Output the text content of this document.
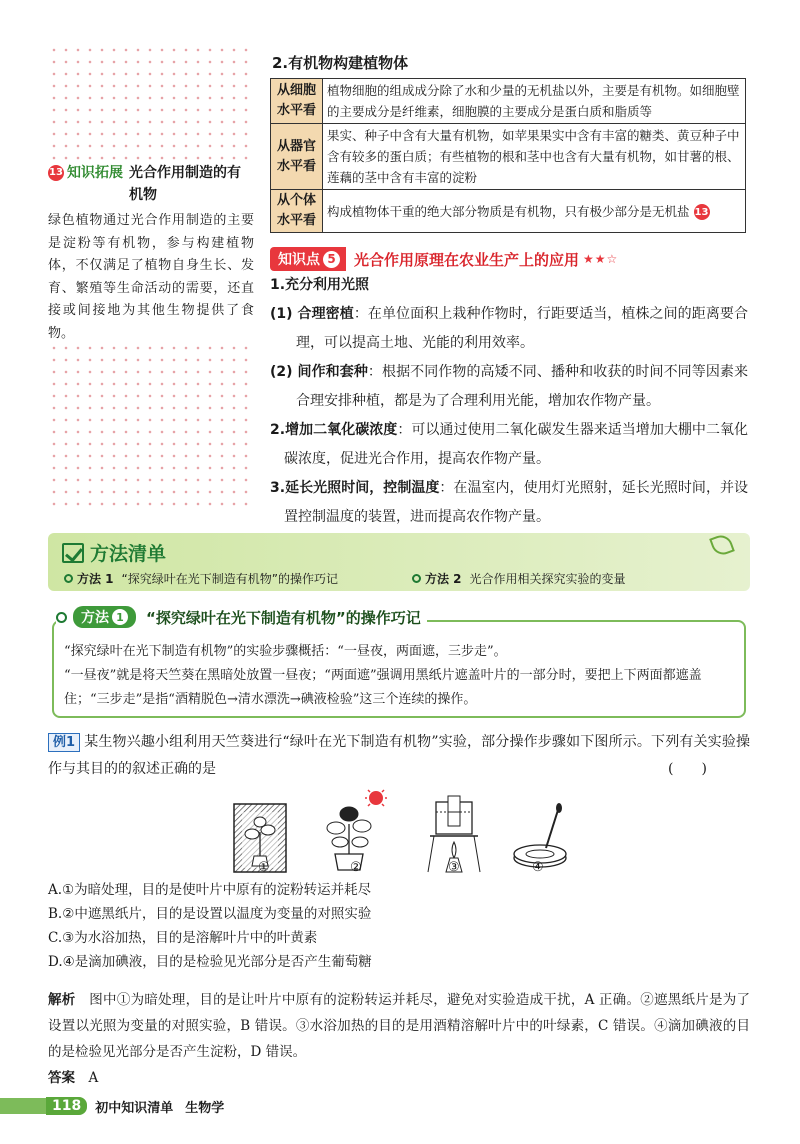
13 知识拓展 光合作用制造的有机物

绿色植物通过光合作用制造的主要是淀粉等有机物，参与构建植物体，不仅满足了植物自身生长、发育、繁殖等生命活动的需要，还直接或间接地为其他生物提供了食物。

2.有机物构建植物体
从细胞水平看	植物细胞的组成成分除了水和少量的无机盐以外，主要是有机物。如细胞壁的主要成分是纤维素，细胞膜的主要成分是蛋白质和脂质等
从器官水平看	果实、种子中含有大量有机物，如苹果果实中含有丰富的糖类、黄豆种子中含有较多的蛋白质；有些植物的根和茎中也含有大量有机物，如甘薯的根、莲藕的茎中含有丰富的淀粉
从个体水平看	构成植物体干重的绝大部分物质是有机物，只有极少部分是无机盐 13
知识点 5 光合作用原理在农业生产上的应用 ★★☆
1.充分利用光照
(1) 合理密植：在单位面积上栽种作物时，行距要适当，植株之间的距离要合理，可以提高土地、光能的利用效率。
(2) 间作和套种：根据不同作物的高矮不同、播种和收获的时间不同等因素来合理安排种植，都是为了合理利用光能，增加农作物产量。
2.增加二氧化碳浓度：可以通过使用二氧化碳发生器来适当增加大棚中二氧化碳浓度，促进光合作用，提高农作物产量。
3.延长光照时间，控制温度：在温室内，使用灯光照射，延长光照时间，并设置控制温度的装置，进而提高农作物产量。
方法清单
方法 1 “探究绿叶在光下制造有机物”的操作巧记	方法 2 光合作用相关探究实验的变量

“探究绿叶在光下制造有机物”的实验步骤概括：“一昼夜，两面遮，三步走”。

“一昼夜”就是将天竺葵在黑暗处放置一昼夜；“两面遮”强调用黑纸片遮盖叶片的一部分时，要把上下两面都遮盖住；“三步走”是指“酒精脱色→清水漂洗→碘液检验”这三个连续的操作。

方法 1 “探究绿叶在光下制造有机物”的操作巧记
例1 某生物兴趣小组利用天竺葵进行“绿叶在光下制造有机物”实验，部分操作步骤如下图所示。下列有关实验操作与其目的的叙述正确的是	(　　)
①	②	③	④
A.①为暗处理，目的是使叶片中原有的淀粉转运并耗尽
B.②中遮黑纸片，目的是设置以温度为变量的对照实验
C.③为水浴加热，目的是溶解叶片中的叶黄素
D.④是滴加碘液，目的是检验见光部分是否产生葡萄糖
解析　 图中①为暗处理，目的是让叶片中原有的淀粉转运并耗尽，避免对实验造成干扰，A 正确。②遮黑纸片是为了设置以光照为变量的对照实验，B 错误。③水浴加热的目的是用酒精溶解叶片中的叶绿素，C 错误。④滴加碘液的目的是检验见光部分是否产生淀粉，D 错误。
答案　 A
118	初中知识清单 生物学
